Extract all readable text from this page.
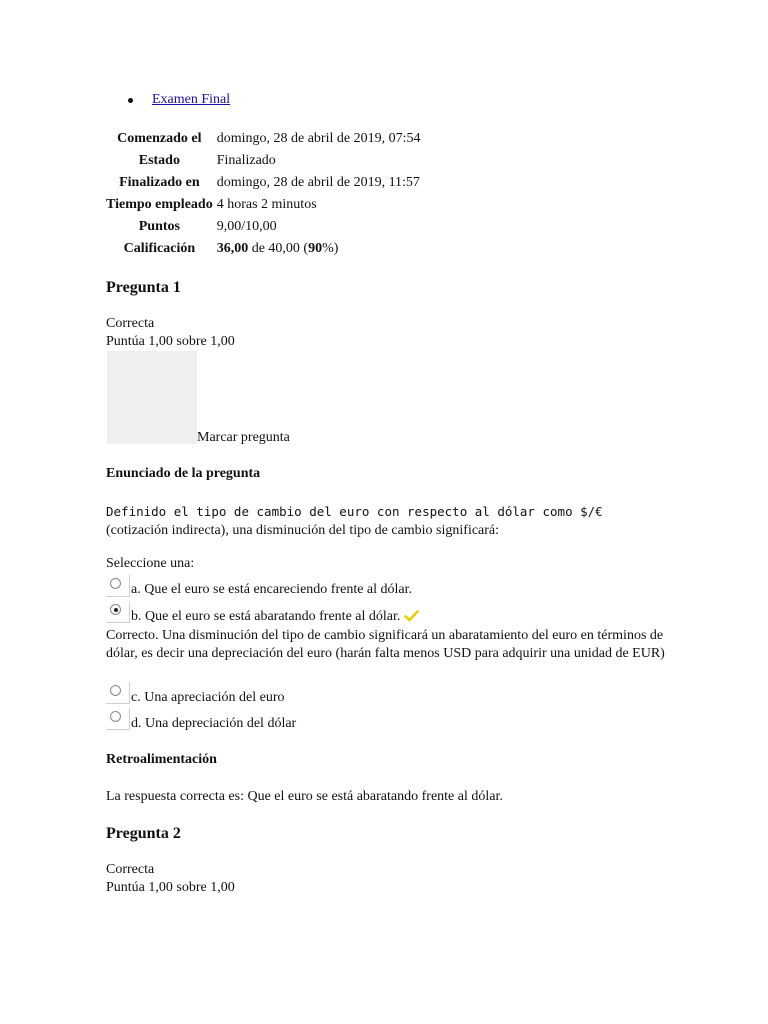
Examen Final
Comenzado el	domingo, 28 de abril de 2019, 07:54
Estado	Finalizado
Finalizado en	domingo, 28 de abril de 2019, 11:57
Tiempo empleado	4 horas 2 minutos
Puntos	9,00/10,00
Calificación	36,00 de 40,00 (90%)
Pregunta 1
Correcta
Puntúa 1,00 sobre 1,00
Marcar pregunta
Enunciado de la pregunta
Definido el tipo de cambio del euro con respecto al dólar como $/€ (cotización indirecta), una disminución del tipo de cambio significará:
Seleccione una:
a. Que el euro se está encareciendo frente al dólar.
b. Que el euro se está abaratando frente al dólar.
Correcto. Una disminución del tipo de cambio significará un abaratamiento del euro en términos de dólar, es decir una depreciación del euro (harán falta menos USD para adquirir una unidad de EUR)
c. Una apreciación del euro
d. Una depreciación del dólar
Retroalimentación
La respuesta correcta es: Que el euro se está abaratando frente al dólar.
Pregunta 2
Correcta
Puntúa 1,00 sobre 1,00
